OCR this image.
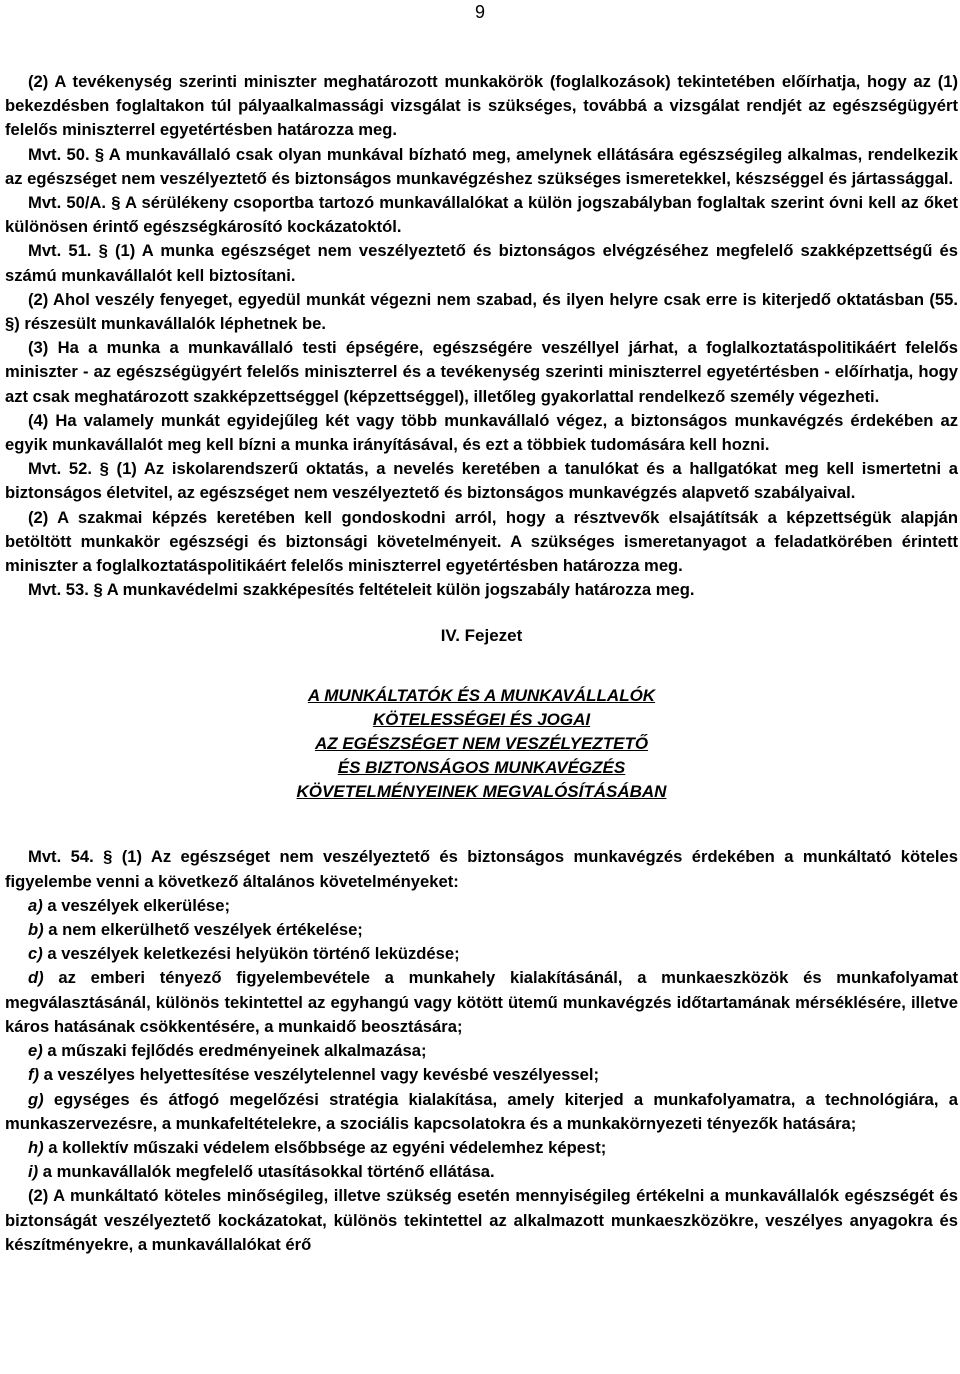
9

(2) A tevékenység szerinti miniszter meghatározott munkakörök (foglalkozások) tekintetében előírhatja, hogy az (1) bekezdésben foglaltakon túl pályaalkalmassági vizsgálat is szükséges, továbbá a vizsgálat rendjét az egészségügyért felelős miniszterrel egyetértésben határozza meg.

Mvt. 50. § A munkavállaló csak olyan munkával bízható meg, amelynek ellátására egészségileg alkalmas, rendelkezik az egészséget nem veszélyeztető és biztonságos munkavégzéshez szükséges ismeretekkel, készséggel és jártassággal.

Mvt. 50/A. § A sérülékeny csoportba tartozó munkavállalókat a külön jogszabályban foglaltak szerint óvni kell az őket különösen érintő egészségkárosító kockázatoktól.

Mvt. 51. § (1) A munka egészséget nem veszélyeztető és biztonságos elvégzéséhez megfelelő szakképzettségű és számú munkavállalót kell biztosítani.

(2) Ahol veszély fenyeget, egyedül munkát végezni nem szabad, és ilyen helyre csak erre is kiterjedő oktatásban (55. §) részesült munkavállalók léphetnek be.

(3) Ha a munka a munkavállaló testi épségére, egészségére veszéllyel járhat, a foglalkoztatáspolitikáért felelős miniszter - az egészségügyért felelős miniszterrel és a tevékenység szerinti miniszterrel egyetértésben - előírhatja, hogy azt csak meghatározott szakképzettséggel (képzettséggel), illetőleg gyakorlattal rendelkező személy végezheti.

(4) Ha valamely munkát egyidejűleg két vagy több munkavállaló végez, a biztonságos munkavégzés érdekében az egyik munkavállalót meg kell bízni a munka irányításával, és ezt a többiek tudomására kell hozni.

Mvt. 52. § (1) Az iskolarendszerű oktatás, a nevelés keretében a tanulókat és a hallgatókat meg kell ismertetni a biztonságos életvitel, az egészséget nem veszélyeztető és biztonságos munkavégzés alapvető szabályaival.

(2) A szakmai képzés keretében kell gondoskodni arról, hogy a résztvevők elsajátítsák a képzettségük alapján betöltött munkakör egészségi és biztonsági követelményeit. A szükséges ismeretanyagot a feladatkörében érintett miniszter a foglalkoztatáspolitikáért felelős miniszterrel egyetértésben határozza meg.

Mvt. 53. § A munkavédelmi szakképesítés feltételeit külön jogszabály határozza meg.

IV. Fejezet

A MUNKÁLTATÓK ÉS A MUNKAVÁLLALÓK
KÖTELESSÉGEI ÉS JOGAI
AZ EGÉSZSÉGET NEM VESZÉLYEZTETŐ
ÉS BIZTONSÁGOS MUNKAVÉGZÉS
KÖVETELMÉNYEINEK MEGVALÓSÍTÁSÁBAN

Mvt. 54. § (1) Az egészséget nem veszélyeztető és biztonságos munkavégzés érdekében a munkáltató köteles figyelembe venni a következő általános követelményeket:

a) a veszélyek elkerülése;

b) a nem elkerülhető veszélyek értékelése;

c) a veszélyek keletkezési helyükön történő leküzdése;

d) az emberi tényező figyelembevétele a munkahely kialakításánál, a munkaeszközök és munkafolyamat megválasztásánál, különös tekintettel az egyhangú vagy kötött ütemű munkavégzés időtartamának mérséklésére, illetve káros hatásának csökkentésére, a munkaidő beosztására;

e) a műszaki fejlődés eredményeinek alkalmazása;

f) a veszélyes helyettesítése veszélytelennel vagy kevésbé veszélyessel;

g) egységes és átfogó megelőzési stratégia kialakítása, amely kiterjed a munkafolyamatra, a technológiára, a munkaszervezésre, a munkafeltételekre, a szociális kapcsolatokra és a munkakörnyezeti tényezők hatására;

h) a kollektív műszaki védelem elsőbbsége az egyéni védelemhez képest;

i) a munkavállalók megfelelő utasításokkal történő ellátása.

(2) A munkáltató köteles minőségileg, illetve szükség esetén mennyiségileg értékelni a munkavállalók egészségét és biztonságát veszélyeztető kockázatokat, különös tekintettel az alkalmazott munkaeszközökre, veszélyes anyagokra és készítményekre, a munkavállalókat érő
